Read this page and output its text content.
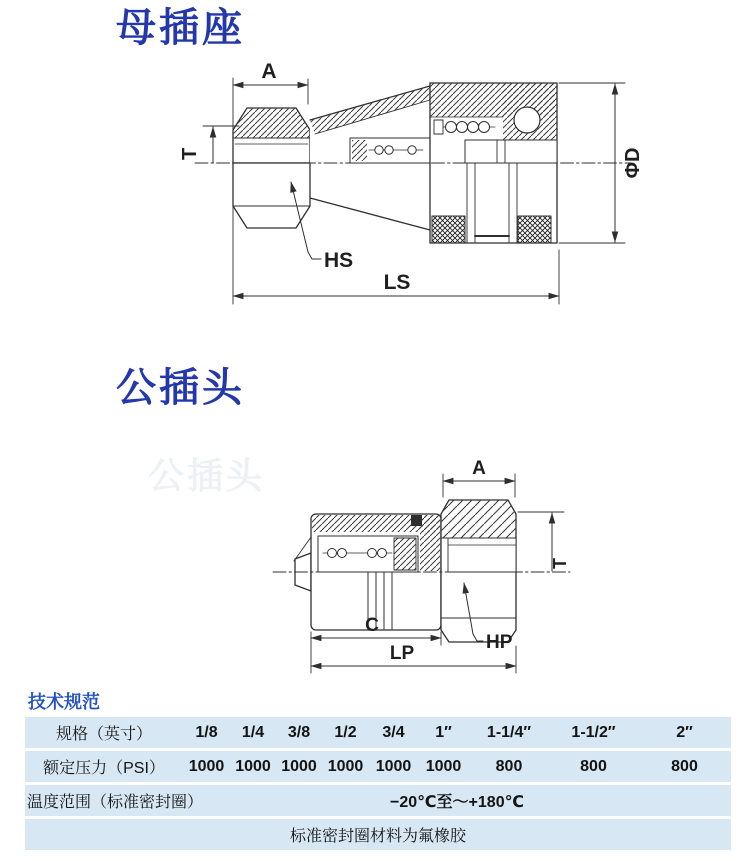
母插座
A
T	ΦD
HS
LS
公插头
公插头
A
T
C
LP
HP
技术规范
规格（英寸）	1/8	1/4	3/8	1/2	3/4	1″	1-1/4″	1-1/2″	2″
额定压力（PSI）	1000	1000	1000	1000	1000	1000	800	800	800
温度范围（标准密封圈）	−20℃至～+180℃								
标准密封圈材料为氟橡胶									
